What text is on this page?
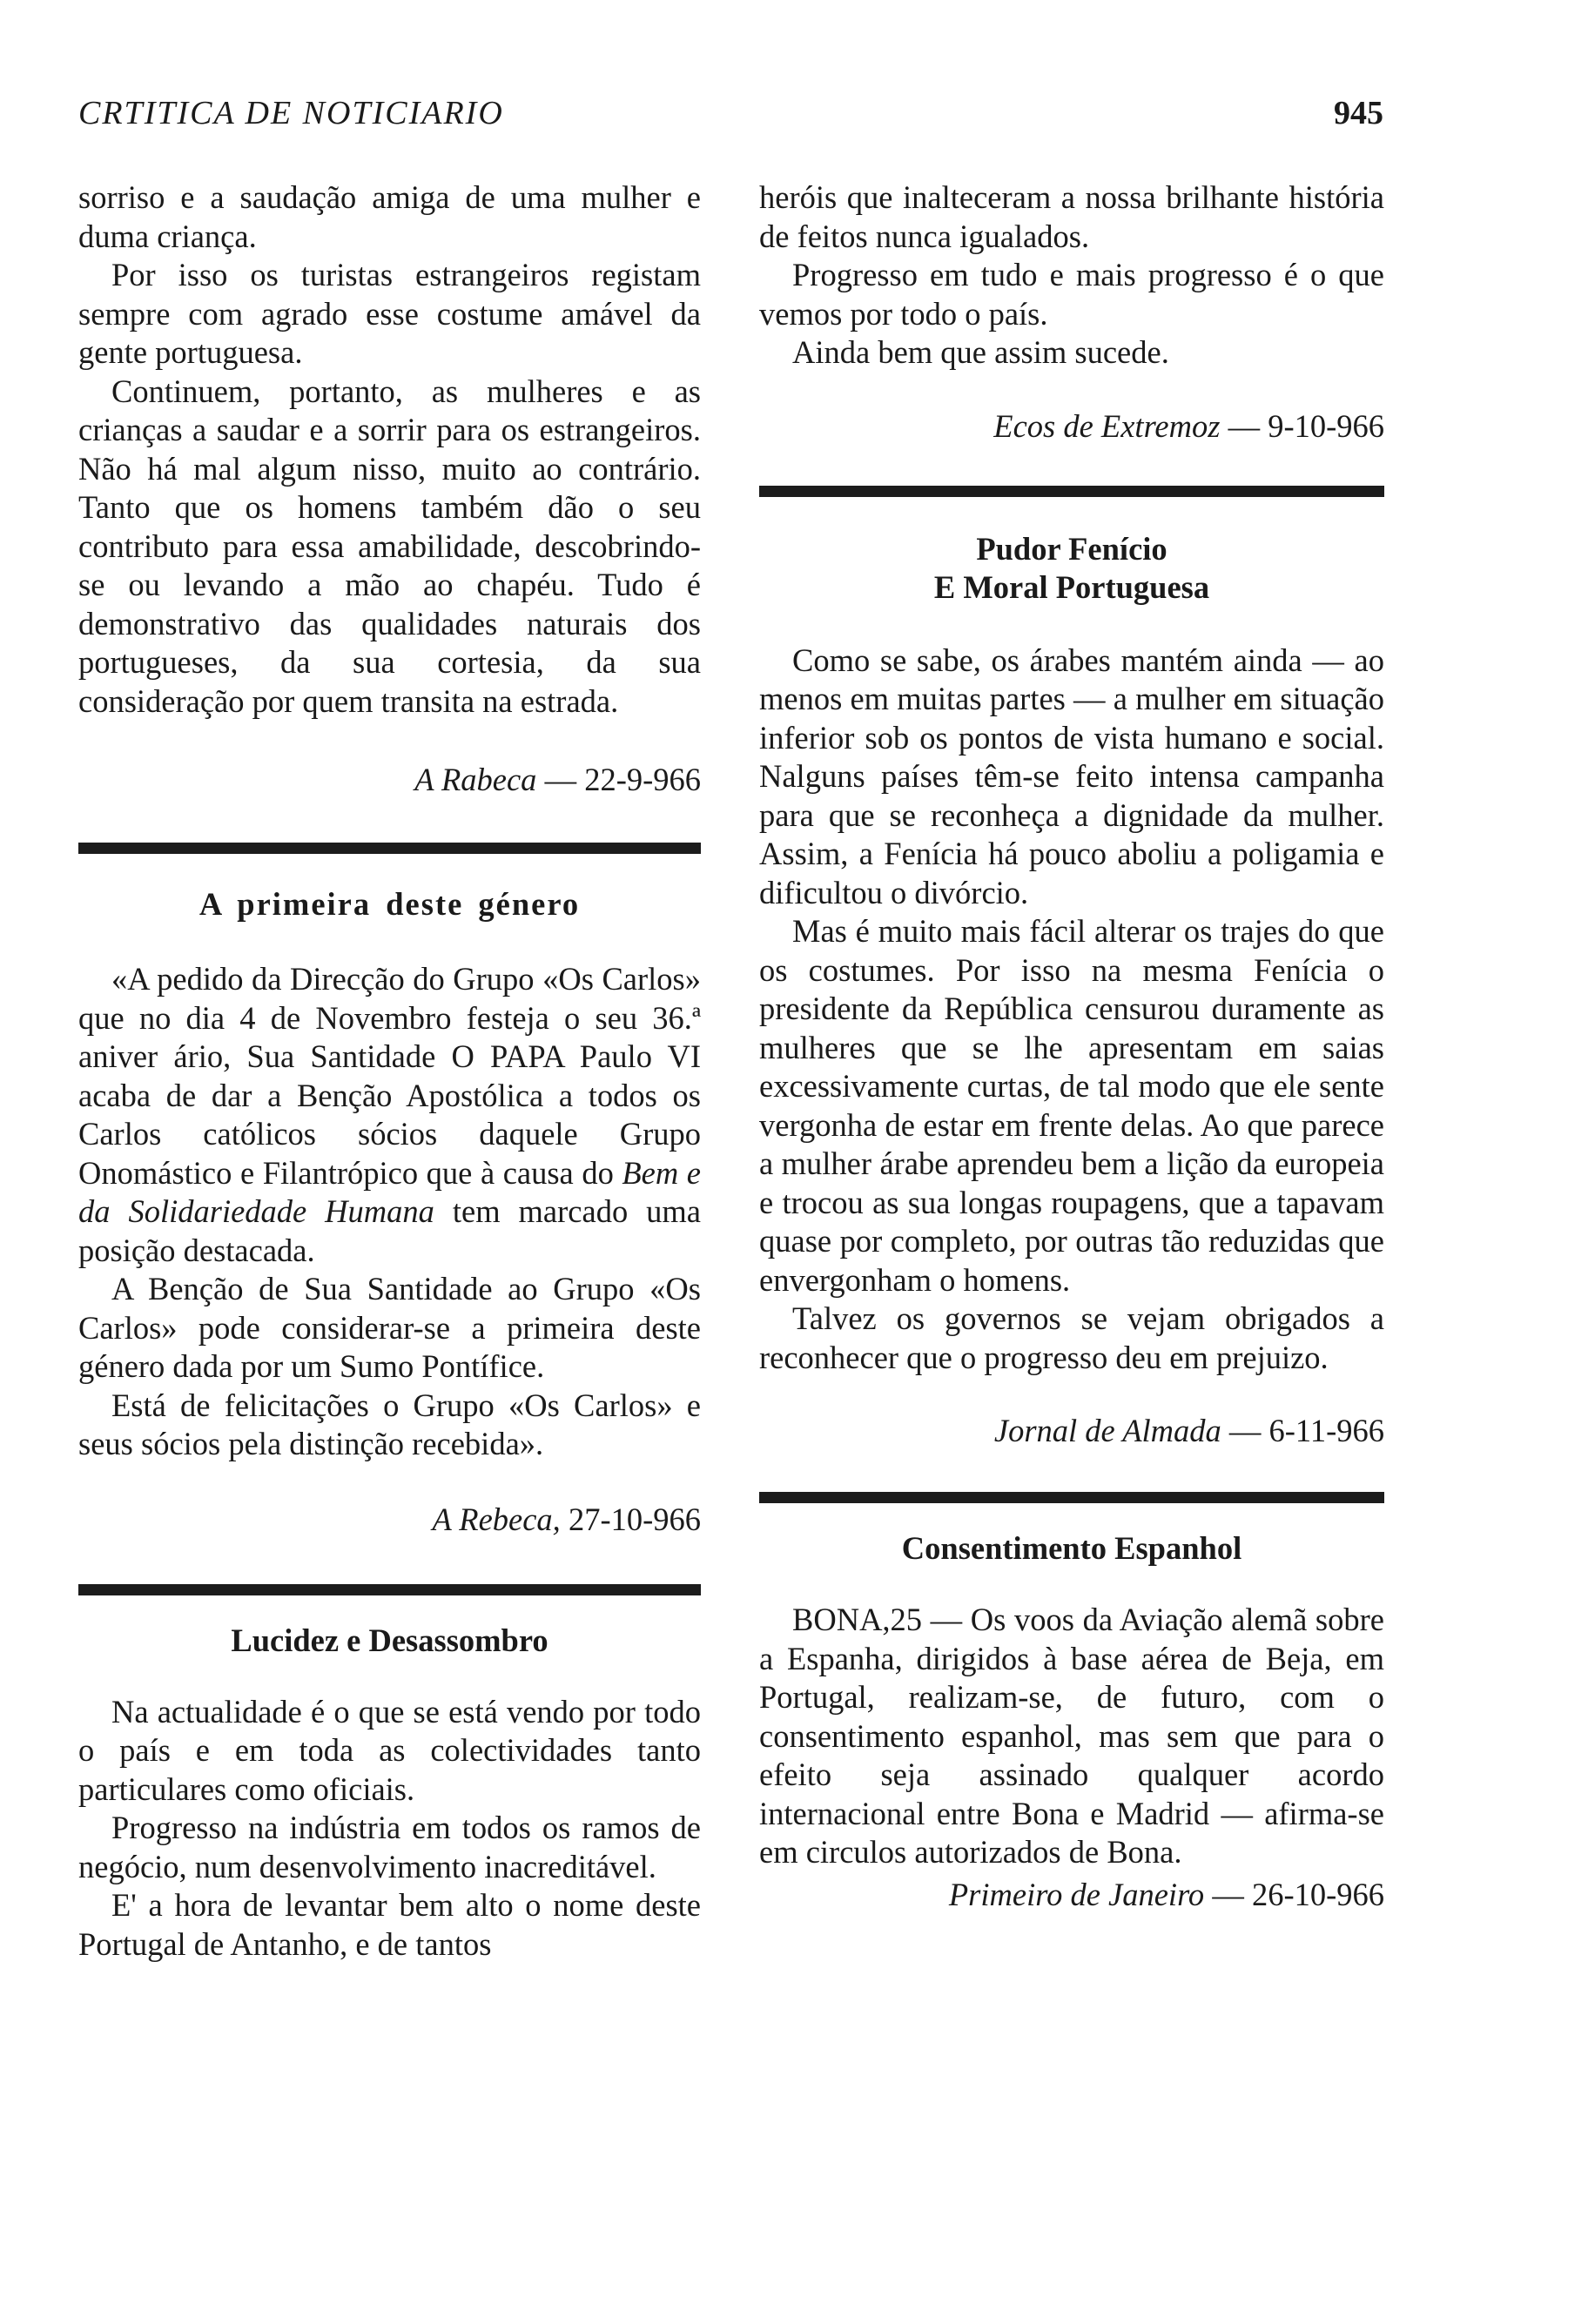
CRTITICA DE NOTICIARIO	945

sorriso e a saudação amiga de uma mulher e duma criança.

Por isso os turistas estrangeiros registam sempre com agrado esse costume amável da gente portuguesa.

Continuem, portanto, as mulheres e as crianças a saudar e a sorrir para os estrangeiros. Não há mal algum nisso, muito ao contrário. Tanto que os homens também dão o seu contributo para essa amabilidade, descobrindo-se ou levando a mão ao chapéu. Tudo é demonstrativo das qualidades naturais dos portugueses, da sua cortesia, da sua consideração por quem transita na estrada.

A Rabeca — 22-9-966
A primeira deste género

«A pedido da Direcção do Grupo «Os Carlos» que no dia 4 de Novembro festeja o seu 36.ª aniver ário, Sua Santidade O PAPA Paulo VI acaba de dar a Benção Apostólica a todos os Carlos católicos sócios daquele Grupo Onomástico e Filantrópico que à causa do Bem e da Solidariedade Humana tem marcado uma posição destacada.

A Benção de Sua Santidade ao Grupo «Os Carlos» pode considerar-se a primeira deste género dada por um Sumo Pontífice.

Está de felicitações o Grupo «Os Carlos» e seus sócios pela distinção recebida».

A Rebeca, 27-10-966
Lucidez e Desassombro

Na actualidade é o que se está vendo por todo o país e em toda as colectividades tanto particulares como oficiais.

Progresso na indústria em todos os ramos de negócio, num desenvolvimento inacreditável.

E' a hora de levantar bem alto o nome deste Portugal de Antanho, e de tantos

heróis que inalteceram a nossa brilhante história de feitos nunca igualados.

Progresso em tudo e mais progresso é o que vemos por todo o país.

Ainda bem que assim sucede.

Ecos de Extremoz — 9-10-966
Pudor Fenício
E Moral Portuguesa

Como se sabe, os árabes mantém ainda — ao menos em muitas partes — a mulher em situação inferior sob os pontos de vista humano e social. Nalguns países têm-se feito intensa campanha para que se reconheça a dignidade da mulher. Assim, a Fenícia há pouco aboliu a poligamia e dificultou o divórcio.

Mas é muito mais fácil alterar os trajes do que os costumes. Por isso na mesma Fenícia o presidente da República censurou duramente as mulheres que se lhe apresentam em saias excessivamente curtas, de tal modo que ele sente vergonha de estar em frente delas. Ao que parece a mulher árabe aprendeu bem a lição da europeia e trocou as sua longas roupagens, que a tapavam quase por completo, por outras tão reduzidas que envergonham o homens.

Talvez os governos se vejam obrigados a reconhecer que o progresso deu em prejuizo.

Jornal de Almada — 6-11-966
Consentimento Espanhol

BONA,25 — Os voos da Aviação alemã sobre a Espanha, dirigidos à base aérea de Beja, em Portugal, realizam-se, de futuro, com o consentimento espanhol, mas sem que para o efeito seja assinado qualquer acordo internacional entre Bona e Madrid — afirma-se em circulos autorizados de Bona.

Primeiro de Janeiro — 26-10-966
